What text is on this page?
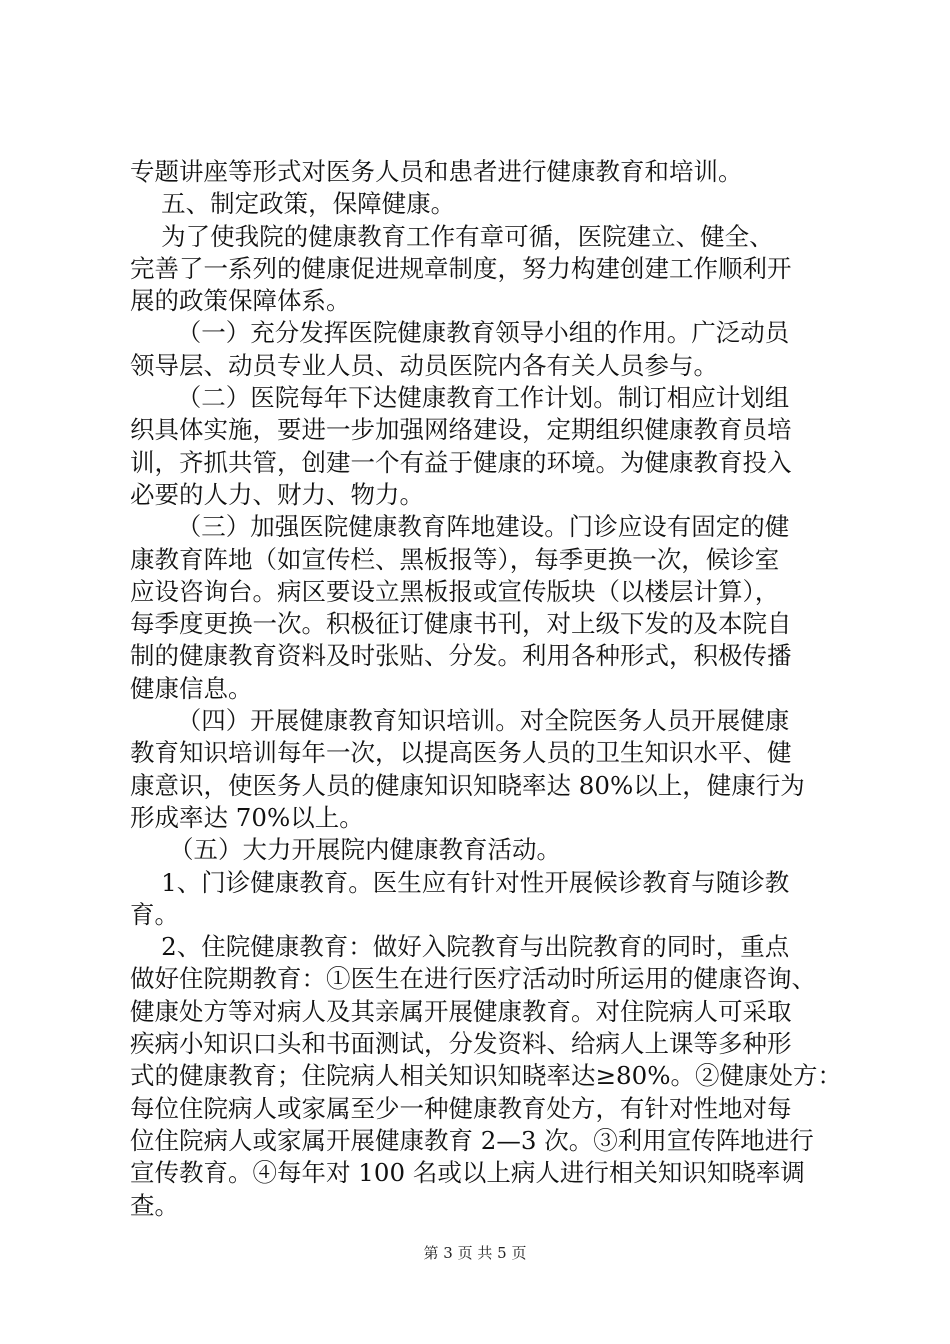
专题讲座等形式对医务人员和患者进行健康教育和培训。
五、制定政策，保障健康。
为了使我院的健康教育工作有章可循，医院建立、健全、
完善了一系列的健康促进规章制度，努力构建创建工作顺利开
展的政策保障体系。
（一）充分发挥医院健康教育领导小组的作用。广泛动员
领导层、动员专业人员、动员医院内各有关人员参与。
（二）医院每年下达健康教育工作计划。制订相应计划组
织具体实施，要进一步加强网络建设，定期组织健康教育员培
训，齐抓共管，创建一个有益于健康的环境。为健康教育投入
必要的人力、财力、物力。
（三）加强医院健康教育阵地建设。门诊应设有固定的健
康教育阵地（如宣传栏、黑板报等），每季更换一次，候诊室
应设咨询台。病区要设立黑板报或宣传版块（以楼层计算），
每季度更换一次。积极征订健康书刊，对上级下发的及本院自
制的健康教育资料及时张贴、分发。利用各种形式，积极传播
健康信息。
（四）开展健康教育知识培训。对全院医务人员开展健康
教育知识培训每年一次，以提高医务人员的卫生知识水平、健
康意识，使医务人员的健康知识知晓率达 80%以上，健康行为
形成率达 70%以上。
（五）大力开展院内健康教育活动。
1、门诊健康教育。医生应有针对性开展候诊教育与随诊教
育。
2、住院健康教育：做好入院教育与出院教育的同时，重点
做好住院期教育：①医生在进行医疗活动时所运用的健康咨询、
健康处方等对病人及其亲属开展健康教育。对住院病人可采取
疾病小知识口头和书面测试，分发资料、给病人上课等多种形
式的健康教育；住院病人相关知识知晓率达≥80%。②健康处方：
每位住院病人或家属至少一种健康教育处方，有针对性地对每
位住院病人或家属开展健康教育 2—3 次。③利用宣传阵地进行
宣传教育。④每年对 100 名或以上病人进行相关知识知晓率调
查。
第 3 页 共 5 页
